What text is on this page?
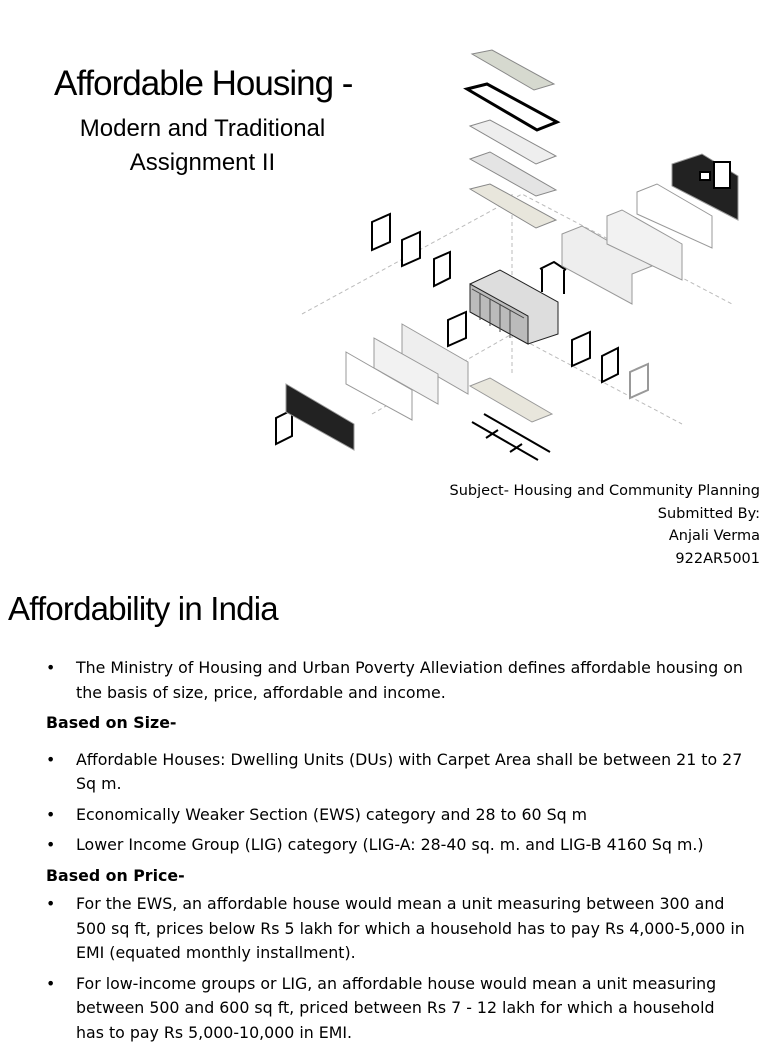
Affordable Housing -
Modern and Traditional
Assignment II
Subject- Housing and Community Planning
Submitted By:
Anjali Verma
922AR5001
Affordability in India
• The Ministry of Housing and Urban Poverty Alleviation defines affordable housing on the basis of size, price, affordable and income.
Based on Size-
• Affordable Houses: Dwelling Units (DUs) with Carpet Area shall be between 21 to 27 Sq m.
• Economically Weaker Section (EWS) category and 28 to 60 Sq m
• Lower Income Group (LIG) category (LIG-A: 28-40 sq. m. and LIG-B 4160 Sq m.)
Based on Price-
• For the EWS, an affordable house would mean a unit measuring between 300 and 500 sq ft, prices below Rs 5 lakh for which a household has to pay Rs 4,000-5,000 in EMI (equated monthly installment).
• For low-income groups or LIG, an affordable house would mean a unit measuring between 500 and 600 sq ft, priced between Rs 7 - 12 lakh for which a household has to pay Rs 5,000-10,000 in EMI.
